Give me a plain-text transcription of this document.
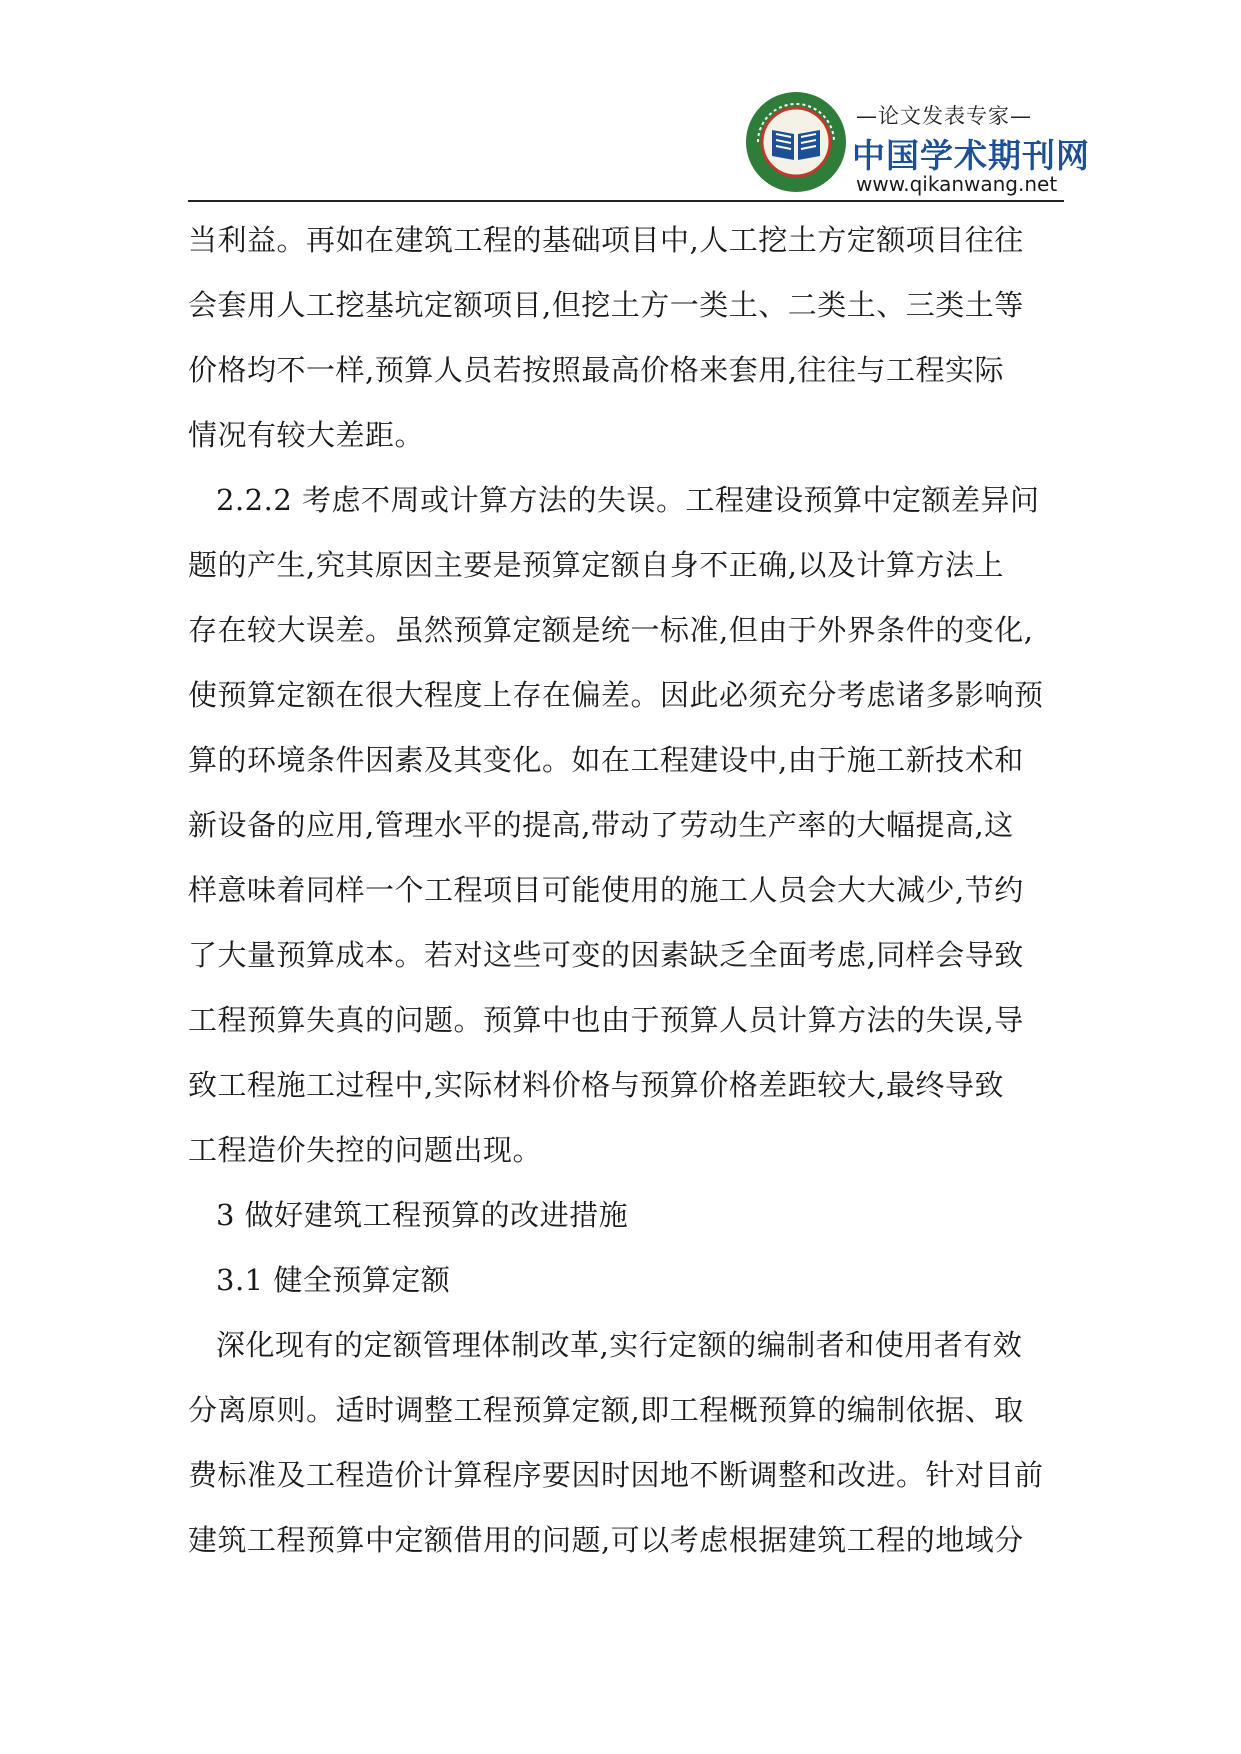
—论文发表专家—
中国学术期刊网
www.qikanwang.net
当利益。再如在建筑工程的基础项目中,人工挖土方定额项目往往
会套用人工挖基坑定额项目,但挖土方一类土、二类土、三类土等
价格均不一样,预算人员若按照最高价格来套用,往往与工程实际
情况有较大差距。
2.2.2 考虑不周或计算方法的失误。工程建设预算中定额差异问
题的产生,究其原因主要是预算定额自身不正确,以及计算方法上
存在较大误差。虽然预算定额是统一标准,但由于外界条件的变化,
使预算定额在很大程度上存在偏差。因此必须充分考虑诸多影响预
算的环境条件因素及其变化。如在工程建设中,由于施工新技术和
新设备的应用,管理水平的提高,带动了劳动生产率的大幅提高,这
样意味着同样一个工程项目可能使用的施工人员会大大减少,节约
了大量预算成本。若对这些可变的因素缺乏全面考虑,同样会导致
工程预算失真的问题。预算中也由于预算人员计算方法的失误,导
致工程施工过程中,实际材料价格与预算价格差距较大,最终导致
工程造价失控的问题出现。
3 做好建筑工程预算的改进措施
3.1 健全预算定额
深化现有的定额管理体制改革,实行定额的编制者和使用者有效
分离原则。适时调整工程预算定额,即工程概预算的编制依据、取
费标准及工程造价计算程序要因时因地不断调整和改进。针对目前
建筑工程预算中定额借用的问题,可以考虑根据建筑工程的地域分
